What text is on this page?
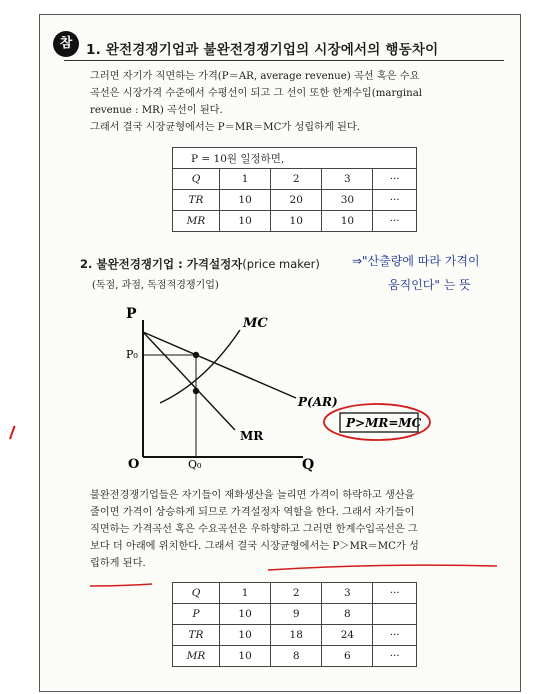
참	1. 완전경쟁기업과 불완전경쟁기업의 시장에서의 행동차이
그러면 자기가 직면하는 가격(P＝AR, average revenue) 곡선 혹은 수요
곡선은 시장가격 수준에서 수평선이 되고 그 선이 또한 한계수입(marginal
revenue : MR) 곡선이 된다.
그래서 결국 시장균형에서는 P＝MR＝MC가 성립하게 된다.
P = 10원 일정하면,				
Q	1	2	3	···
TR	10	20	30	···
MR	10	10	10	···
2. 불완전경쟁기업 : 가격설정자(price maker)
(독점, 과점, 독점적경쟁기업)
⇒"산출량에 따라 가격이
움직인다" 는 뜻
P
P₀
O	Q₀	Q
MC
P(AR)
MR
P>MR=MC
불완전경쟁기업들은 자기들이 재화생산을 늘리면 가격이 하락하고 생산을
줄이면 가격이 상승하게 되므로 가격설정자 역할을 한다. 그래서 자기들이
직면하는 가격곡선 혹은 수요곡선은 우하향하고 그러면 한계수입곡선은 그
보다 더 아래에 위치한다. 그래서 결국 시장균형에서는 P＞MR＝MC가 성
립하게 된다.
Q	1	2	3	···
P	10	9	8	
TR	10	18	24	···
MR	10	8	6	···
